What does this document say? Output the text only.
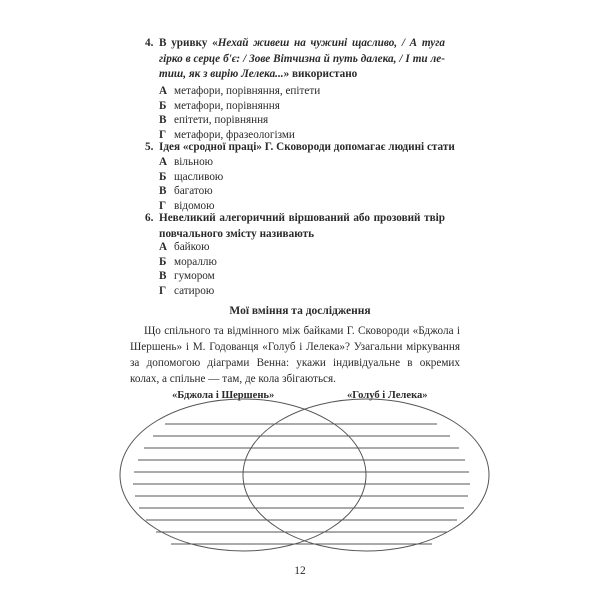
4. В уривку «Нехай живеш на чужині щасливо, / А туга гірко в серце б'є: / Зове Вітчизна й путь далека, / І ти летиш, як з вирію Лелека...» використано
А метафори, порівняння, епітети
Б метафори, порівняння
В епітети, порівняння
Г метафори, фразеологізми
5. Ідея «сродної праці» Г. Сковороди допомагає людині стати
А вільною
Б щасливою
В багатою
Г відомою
6. Невеликий алегоричний віршований або прозовий твір повчального змісту називають
А байкою
Б мораллю
В гумором
Г сатирою
Мої вміння та дослідження
Що спільного та відмінного між байками Г. Сковороди «Бджола і Шершень» і М. Годованця «Голуб і Лелека»? Узагальни міркування за допомогою діаграми Венна: укажи індивідуальне в окремих колах, а спільне — там, де кола збігаються.
«Бджола і Шершень»	«Голуб і Лелека»
12
